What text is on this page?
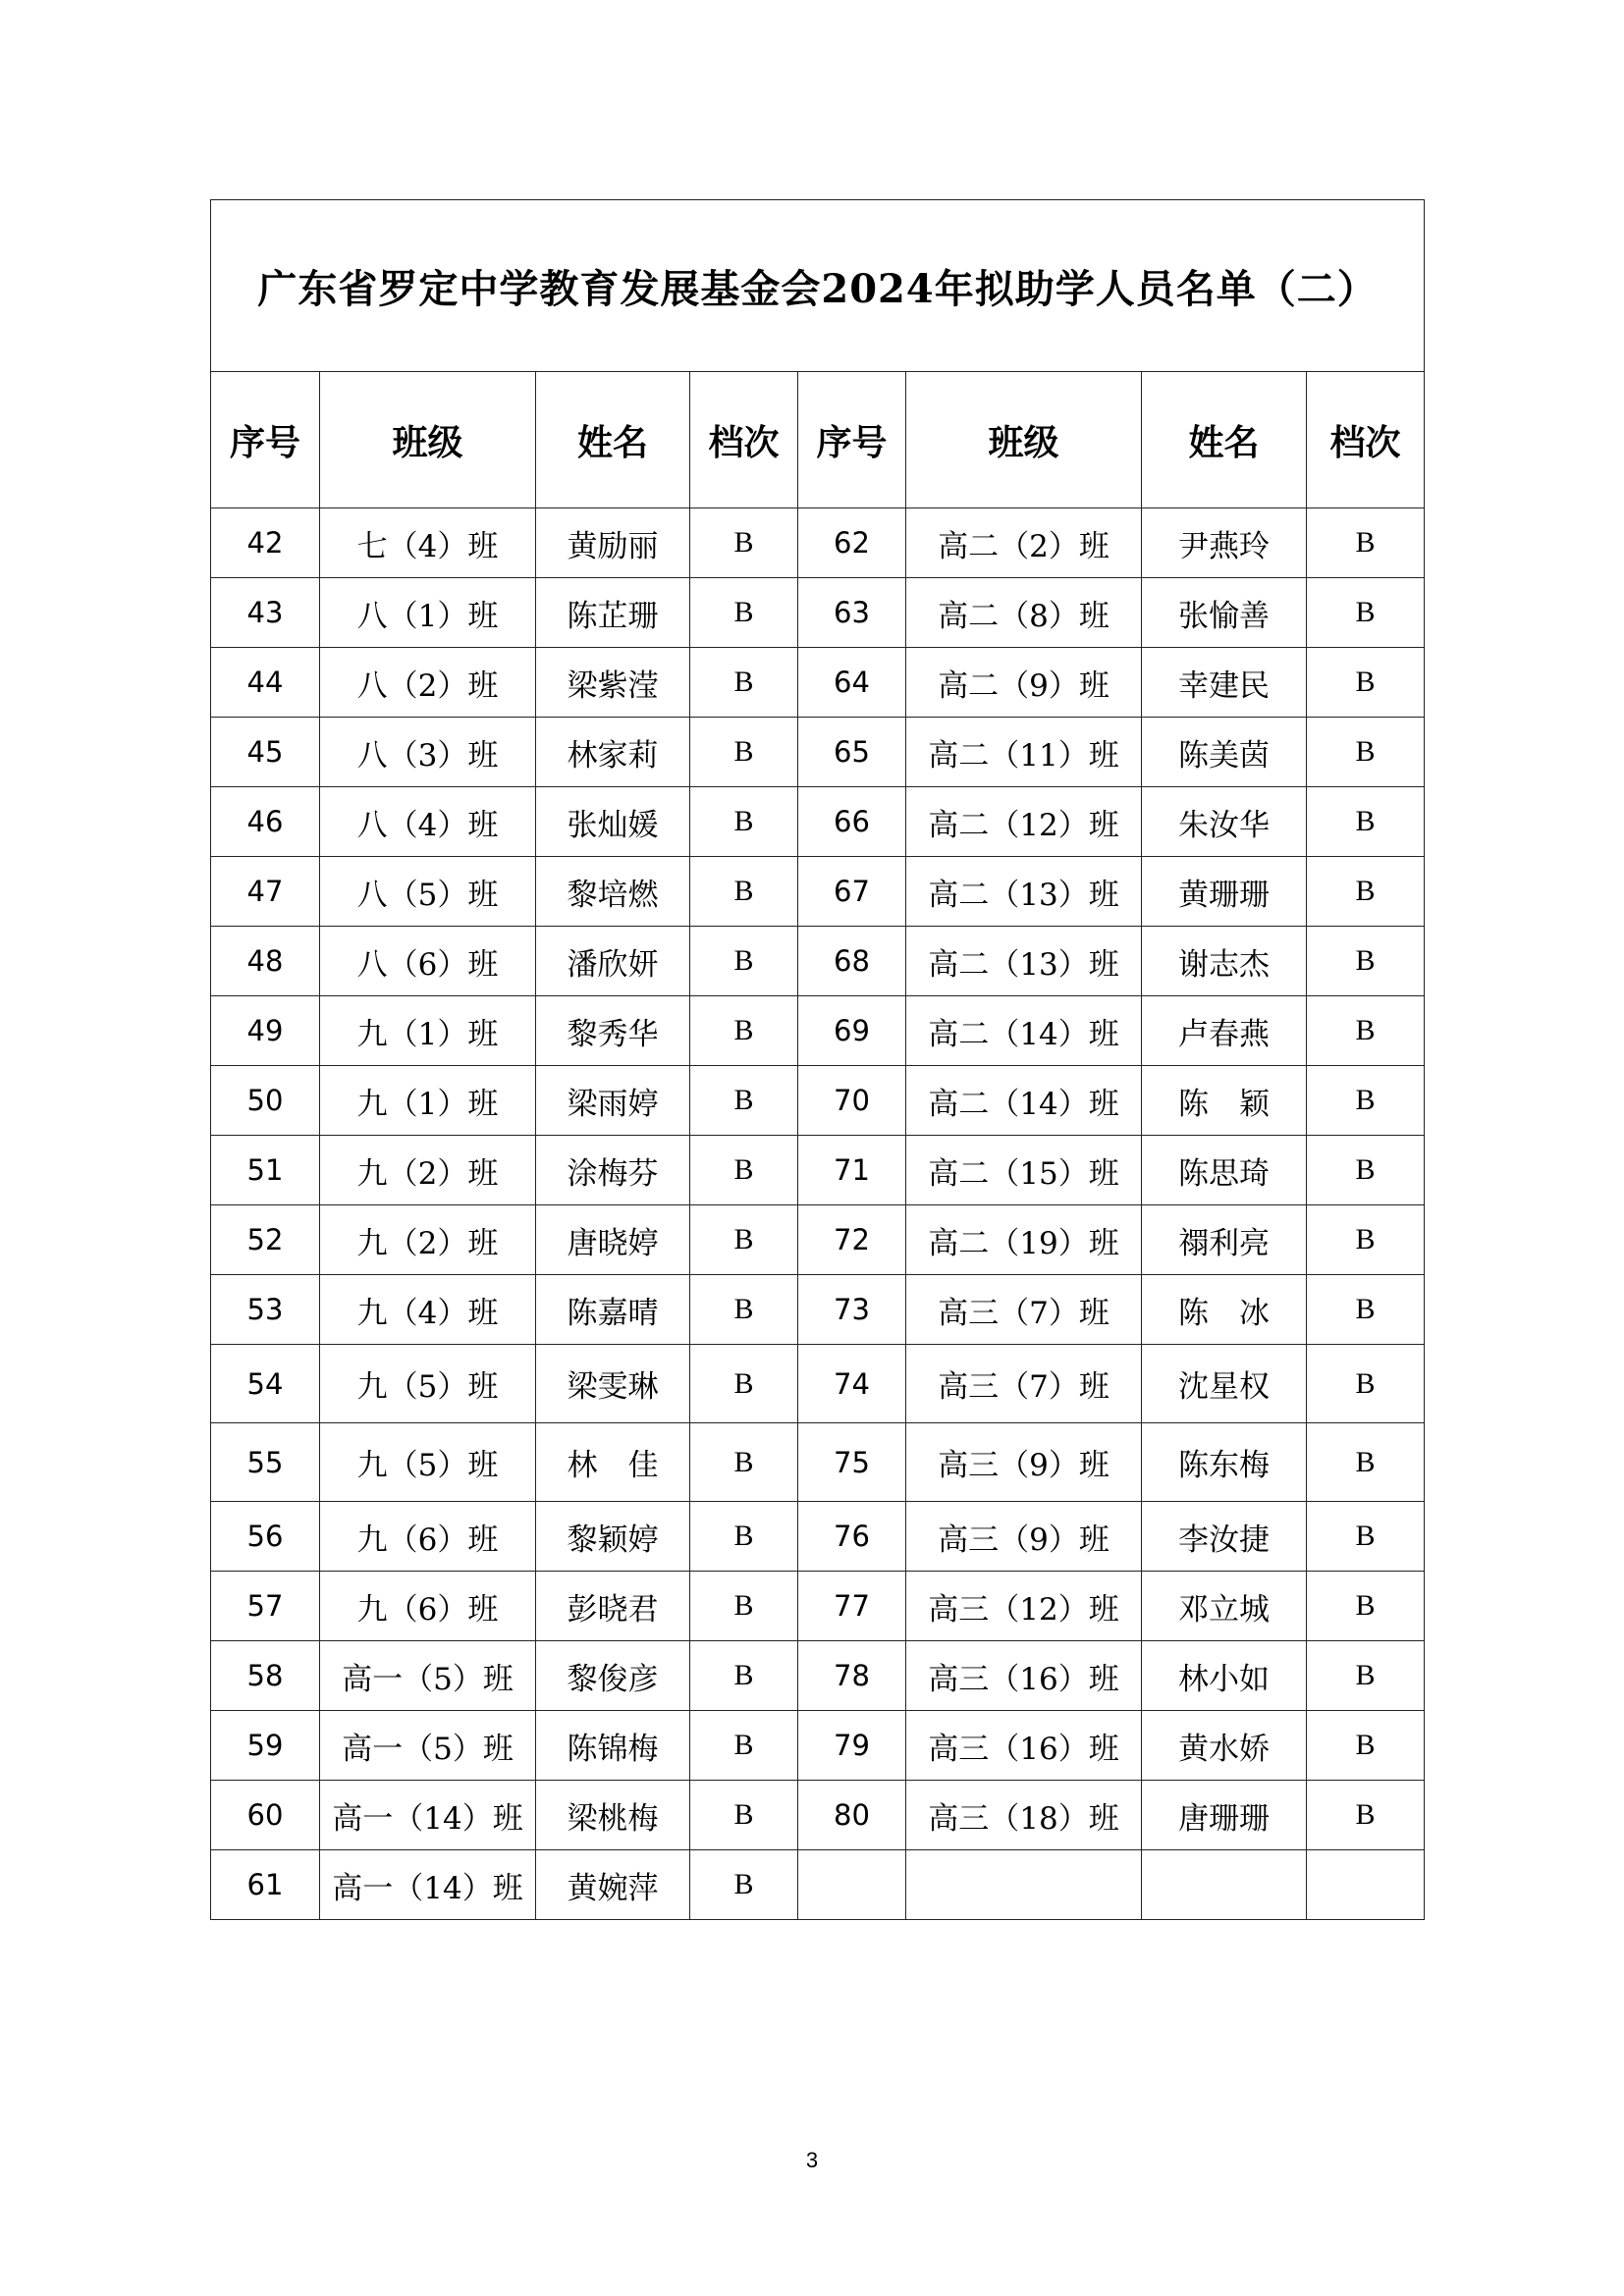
广东省罗定中学教育发展基金会2024年拟助学人员名单（二）							
序号	班级	姓名	档次	序号	班级	姓名	档次
42	七（4）班	黄励丽	B	62	高二（2）班	尹燕玲	B
43	八（1）班	陈芷珊	B	63	高二（8）班	张愉善	B
44	八（2）班	梁紫滢	B	64	高二（9）班	幸建民	B
45	八（3）班	林家莉	B	65	高二（11）班	陈美茵	B
46	八（4）班	张灿媛	B	66	高二（12）班	朱汝华	B
47	八（5）班	黎培燃	B	67	高二（13）班	黄珊珊	B
48	八（6）班	潘欣妍	B	68	高二（13）班	谢志杰	B
49	九（1）班	黎秀华	B	69	高二（14）班	卢春燕	B
50	九（1）班	梁雨婷	B	70	高二（14）班	陈　颖	B
51	九（2）班	涂梅芬	B	71	高二（15）班	陈思琦	B
52	九（2）班	唐晓婷	B	72	高二（19）班	禤利亮	B
53	九（4）班	陈嘉晴	B	73	高三（7）班	陈　冰	B
54	九（5）班	梁雯琳	B	74	高三（7）班	沈星权	B
55	九（5）班	林　佳	B	75	高三（9）班	陈东梅	B
56	九（6）班	黎颖婷	B	76	高三（9）班	李汝捷	B
57	九（6）班	彭晓君	B	77	高三（12）班	邓立城	B
58	高一（5）班	黎俊彦	B	78	高三（16）班	林小如	B
59	高一（5）班	陈锦梅	B	79	高三（16）班	黄水娇	B
60	高一（14）班	梁桃梅	B	80	高三（18）班	唐珊珊	B
61	高一（14）班	黄婉萍	B				
3
